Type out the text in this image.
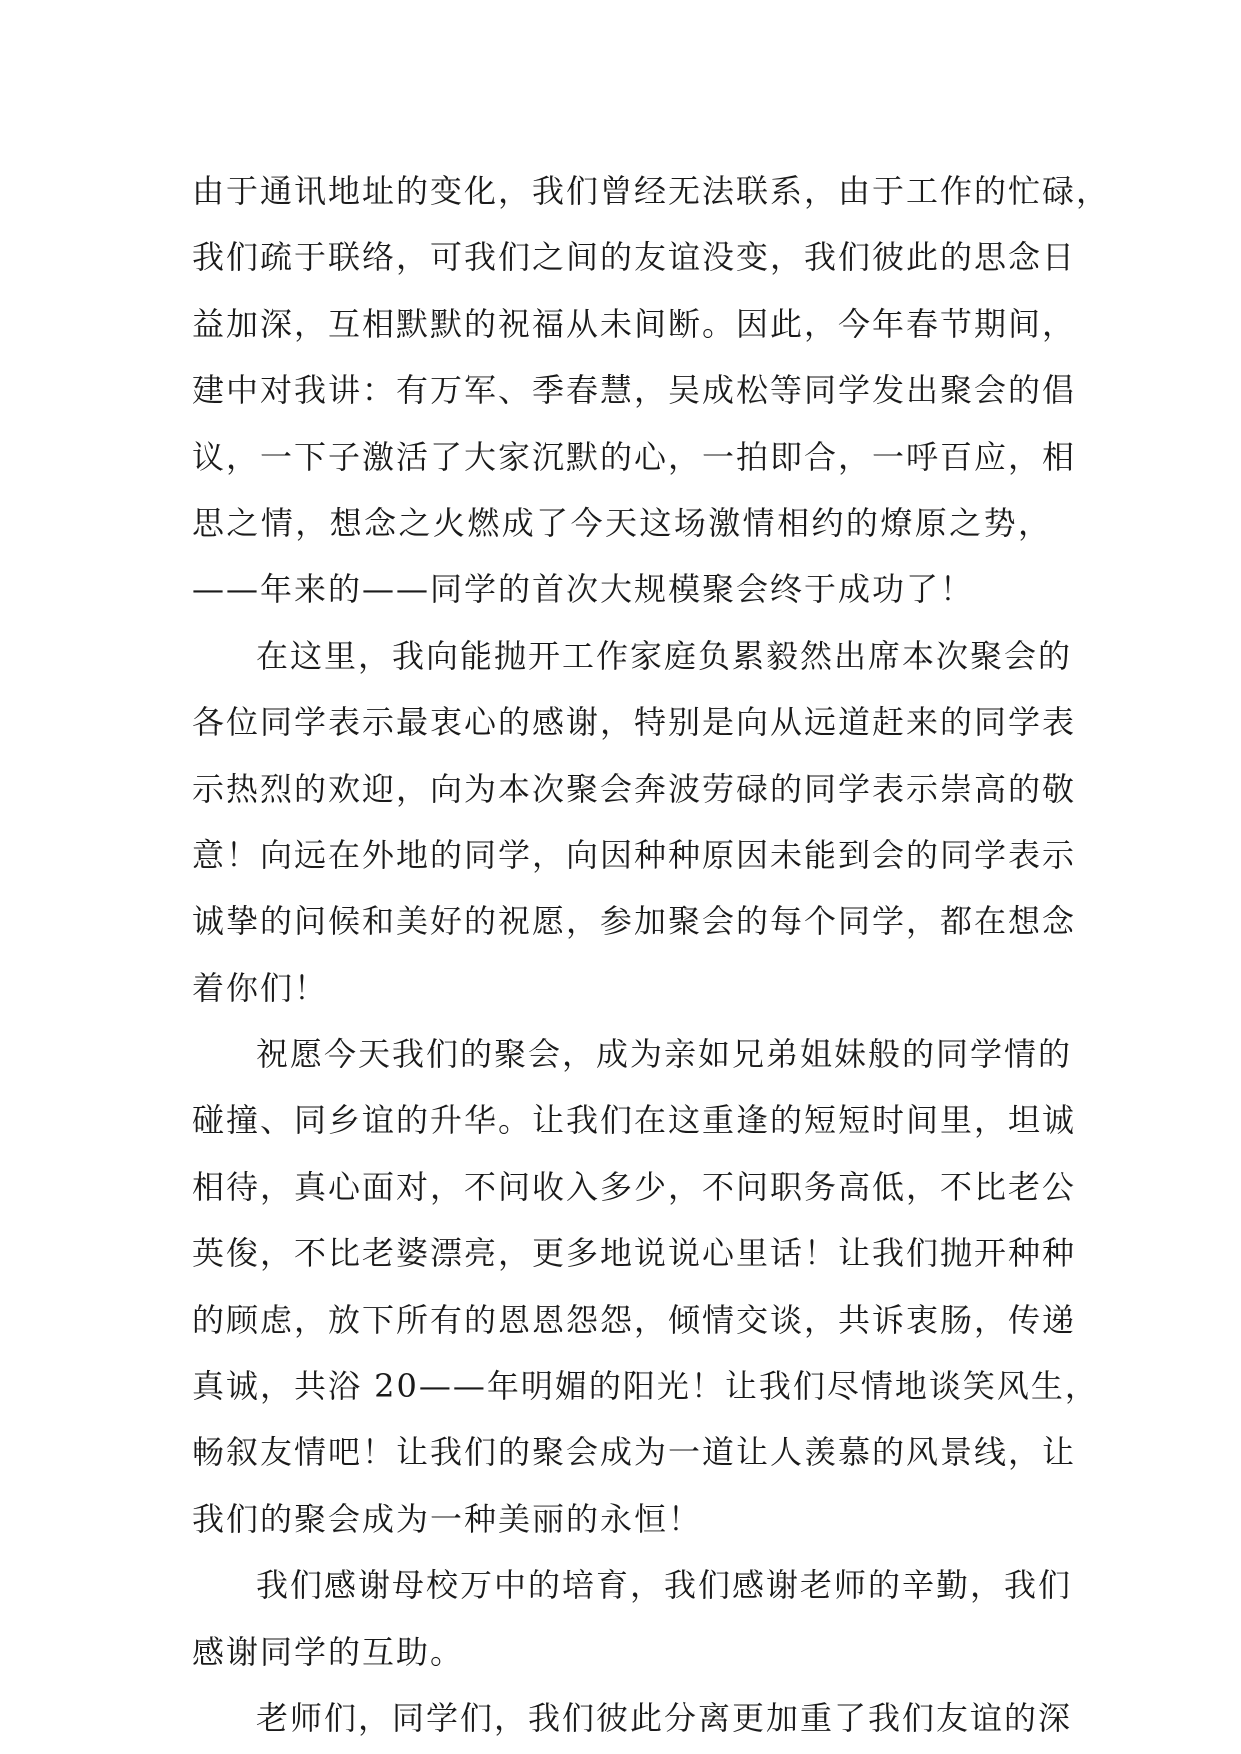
由于通讯地址的变化，我们曾经无法联系，由于工作的忙碌，
我们疏于联络，可我们之间的友谊没变，我们彼此的思念日
益加深，互相默默的祝福从未间断。因此，今年春节期间，
建中对我讲：有万军、季春慧，吴成松等同学发出聚会的倡
议，一下子激活了大家沉默的心，一拍即合，一呼百应，相
思之情，想念之火燃成了今天这场激情相约的燎原之势，
——年来的——同学的首次大规模聚会终于成功了！
在这里，我向能抛开工作家庭负累毅然出席本次聚会的
各位同学表示最衷心的感谢，特别是向从远道赶来的同学表
示热烈的欢迎，向为本次聚会奔波劳碌的同学表示崇高的敬
意！向远在外地的同学，向因种种原因未能到会的同学表示
诚挚的问候和美好的祝愿，参加聚会的每个同学，都在想念
着你们！
祝愿今天我们的聚会，成为亲如兄弟姐妹般的同学情的
碰撞、同乡谊的升华。让我们在这重逢的短短时间里，坦诚
相待，真心面对，不问收入多少，不问职务高低，不比老公
英俊，不比老婆漂亮，更多地说说心里话！让我们抛开种种
的顾虑，放下所有的恩恩怨怨，倾情交谈，共诉衷肠，传递
真诚，共浴 20——年明媚的阳光！让我们尽情地谈笑风生，
畅叙友情吧！让我们的聚会成为一道让人羡慕的风景线，让
我们的聚会成为一种美丽的永恒！
我们感谢母校万中的培育，我们感谢老师的辛勤，我们
感谢同学的互助。
老师们，同学们，我们彼此分离更加重了我们友谊的深
